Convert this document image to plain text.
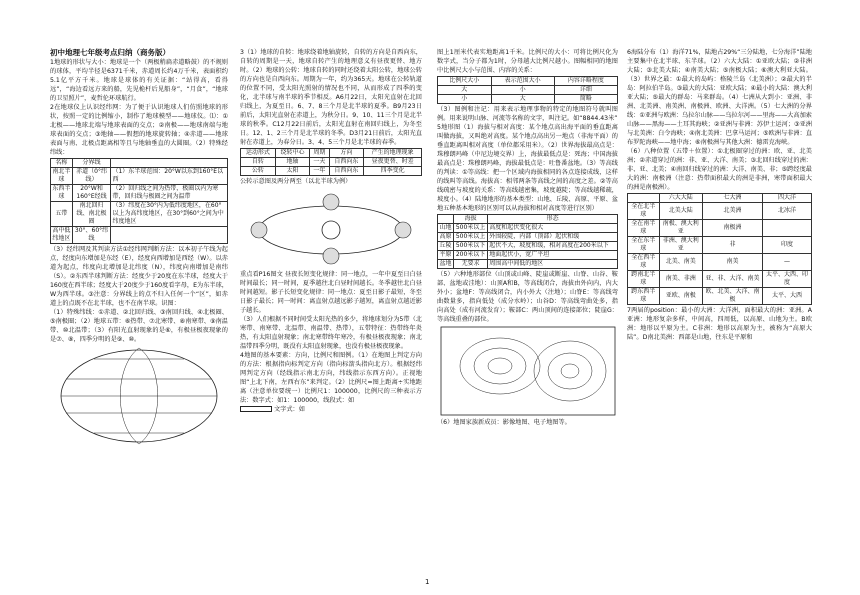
初中地理七年级考点归纳（商务版）

1地球的形状与大小：地球是一个（两极稍扁赤道略鼓）的不规则的球体，平均半径是6371千米，赤道周长约4万千米，表面积约5.1亿平方千米。地球是球体的有关证据：“站得高，看得远”，“海边看远方来的船，先见桅杆后见船身”，“月食”，“地球的卫星照片”，麦哲伦环球航行。

2在地球仪上认识经纬网：为了便于认识地球人们仿照地球的形状，按照一定的比例缩小，制作了地球模型——地球仪。⑴：①北极——地球北端与地球表面的交点；②南极——地球南端与地球表面的交点；③地轴——假想的地球旋转轴；④赤道——地球表面与南、北极点距离相等且与地轴垂直的大圆圈。（2）特殊经纬线：

名称	分界线	
南北半球	赤道（0°纬线）	（1）东半球范围：20°W以东到160°E以西
东西半球	20°W和160°E经线	（2）回归线之间为热带，极圈以内为寒带，回归线与极圈之间为温带
五带	南北回归线、南北极圈	（3）纬度在30°内为低纬度地区，在60°以上为高纬度地区，在30°到60°之间为中纬度地区
高中低纬地区	30°、60°纬线	

（3）经纬网及其判读方法①经纬网判断方法：以本初子午线为起点，经度向东增加是东经（E），经度向西增加是西经（W）。以赤道为起点，纬度向北增加是北纬度（N），纬度向南增加是南纬（S）。②东西半球判断方法：经度少于20度在东半球，经度大于160度在西半球；经度大于20度少于160度看字母，E为东半球，W为西半球。③注意：分界线上的点不归入任何一个“区”，如赤道上的点既不在北半球，也不在南半球。识图：

（1）特殊纬线：①赤道、②北回归线、③南回归线、④北极圈、⑤南极圈；（2）地球五带：⑥热带、⑦北寒带、⑧南寒带、⑨南温带、⑩北温带；（3）有阳光直射现象的是⑥，有极昼极夜现象的是⑦、⑧，四季分明的是⑨、⑩。

3（1）地球的自转：地球绕着地轴旋转，自转的方向是自西向东，自转的周期是一天，地球自转产生的地理意义有昼夜更替、地方时。（2）地球的公转：地球自转的同时还绕着太阳公转，地球公转的方向也是自西向东。周期为一年，约为365天。地球在公转轨道的位置不同，受太阳光照射的情况也不同，从而形成了四季的变化，北半球与南半球的季节相反。A6月22日，太阳光直射在北回归线上，为夏至日。6、7、8三个月是北半球的夏季。B9月23日前后，太阳光直射在赤道上，为秋分日。9、10、11三个月是北半球的秋季。C12月22日前后，太阳光直射在南回归线上，为冬至日。12、1、2三个月是北半球的冬季。D3月21日前后，太阳光直射在赤道上，为春分日。3、4、5三个月是北半球的春季。

运动形式	绕转中心	周期	方向	产生的地理现象
自转	地轴	一天	自西向东	昼夜更替、时差
公转	太阳	一年	自西向东	四季变化

公转示意图及两分两至（以北半球为例）

重点看P16图文 昼夜长短变化规律：同一地点，一年中夏至日白昼时间最长；同一时间，夏季越往北白昼时间越长。冬季越往北白昼时间越短。影子长短变化规律：同一地点：夏至日影子最短，冬至日影子最长；同一时间：离直射点越远影子越短，离直射点越近影子越长。

（3）人们根据不同时间受太阳光热的多少，将地球划分为5带（北寒带、南寒带、北温带、南温带、热带），五带特征：热带终年炎热，有太阳直射现象；南北寒带终年寒冷，有极昼极夜现象；南北温带四季分明，既没有太阳直射现象，也没有极昼极夜现象。

4地图的基本要素：方向，比例尺和图例。（1）在地图上判定方向的方法：根据指向标判定方向（指向标箭头指向北方）。根据经纬网判定方向（经线指示南北方向，纬线指示东西方向）。正视地图“上北下南，左西右东”来判定。（2）比例尺=图上距离÷实地距离（注意单位要统一）比例尺1：100000，比例尺的三种表示方法：数字式：如1：100000，线段式：如

文字式：如

图上1厘米代表实地距离1千米。比例尺的大小：可将比例尺化为数字式，当分子都为1时，分母越大比例尺越小。图幅相同的地图中比例尺大小与范围、内容的关系：

比例尺大小	表示范围大小	内容详略程度
大	小	详细
小	大	简略

（3）图例和注记：用来表示地理事物的特定的地图符号就叫图例。用来说明山脉、河流等名称的文字，叫注记。如“8844.43米”

5地形图（1）海拔与相对高度：某个地点高出海平面的垂直距离叫做海拔，又叫绝对高度。某个地点高出另一地点（非海平面）的垂直距离叫相对高度（单位都采用米）。（2）世界海拔最高点是：珠穆朗玛峰（中尼边境交界）上，海拔最低点是：死海；中国海拔最高点是：珠穆朗玛峰，海拔最低点是：吐鲁番盆地。（3）等高线的判读：①等高线：把一个区域内海拔相同的各点连接成线，这样的线叫等高线。海拔高：相邻两条等高线之间的高度之差。②等高线疏密与坡度的关系：等高线越密集，坡度越陡；等高线越稀疏，坡度小。（4）陆地地形的基本类型：山地、丘陵、高原、平原、盆地五种基本地形的区别可以从海拔和相对高度等进行区别）

	海拔	形态
山地	500米以上	高度和起伏变化很大
高原	500米以上	外围较陡，内部（顶部）起伏和缓
丘陵	500米以下	起伏不大，坡度和缓，相对高度在200米以下
平原	200米以下	地面起伏小，宽广平坦
盆地	无要求	周围高中间低的地区

（5）六种地形部位（山顶或山峰、陡崖或断崖、山脊、山谷、鞍部、盆地或洼地）：山顶A和B，等高线闭合，海拔由外向内，内大外小；盆地F：等高线闭合，内小外大（注地）；山脊E：等高线弯曲数量多，指向低处（成分水岭）；山谷D：等高线弯曲处多，指向高处（成有河流发育）；鞍部C：两山顶间的连接部位；陡崖G：等高线重叠的部位。

（6）地图家族新成员：影像地图、电子地图等。

6海陆分布（1）海洋71%，陆地占29%“三分陆地，七分海洋”陆地主要集中在北半球、东半球。（2）六大大陆：①亚欧大陆；②非洲大陆；③北美大陆；④南美大陆；⑤南极大陆；⑥澳大利亚大陆。（3）世界之最：①最大的岛屿：格陵兰岛（北美洲）；②最大的半岛：阿拉伯半岛。③最大的大陆：亚欧大陆；④最小的大陆：澳大利亚大陆；⑤最大的群岛：马来群岛。（4）七洲从大到小：亚洲、非洲、北美洲、南美洲、南极洲、欧洲、大洋洲。（5）七大洲的分界线：①亚洲与欧洲：乌拉尔山脉——乌拉尔河——里海——大高加索山脉——黑海——土耳其海峡；②亚洲与非洲：苏伊士运河；③亚洲与北美洲：白令海峡；④南北美洲：巴拿马运河；⑤欧洲与非洲：直布罗陀海峡——地中海；⑥南极洲与其他大洲：德雷克海峡。

（6）八种位置（五带＋位置）：①北极圈穿过的洲：欧、亚、北美洲；②赤道穿过的洲：非、亚、大洋、南美；③北回归线穿过的洲：非、亚、北美；④南回归线穿过的洲：大洋、南美、非；⑤跨经度最大的洲：南极洲（注意：热带面积最大的洲是非洲，寒带面积最大的洲是南极洲）。

	六大大陆	七大洲	四大洋
全在北半球	北美大陆	北美洲	北冰洋
全在南半球	南极、澳大利亚	南极洲	
全在东半球	非洲、澳大利亚	非	印度
全在西半球	北美、南美	南美	—
跨南北半球	南美、非洲	亚、非、大洋、南美	太平、大西、印度
跨东西半球	亚欧、南极	欧、北美、大洋、南极	太平、大西

7两届的position：最小的大洲：大洋洲，面积最大的洲：亚洲。A亚洲：地形复杂多样，中间高，四周低，以高原、山地为主。B欧洲：地形以平原为主。C非洲：地形以高原为主，被称为“高原大陆”。D南北美洲：西部是山地，往东是平原和

1
